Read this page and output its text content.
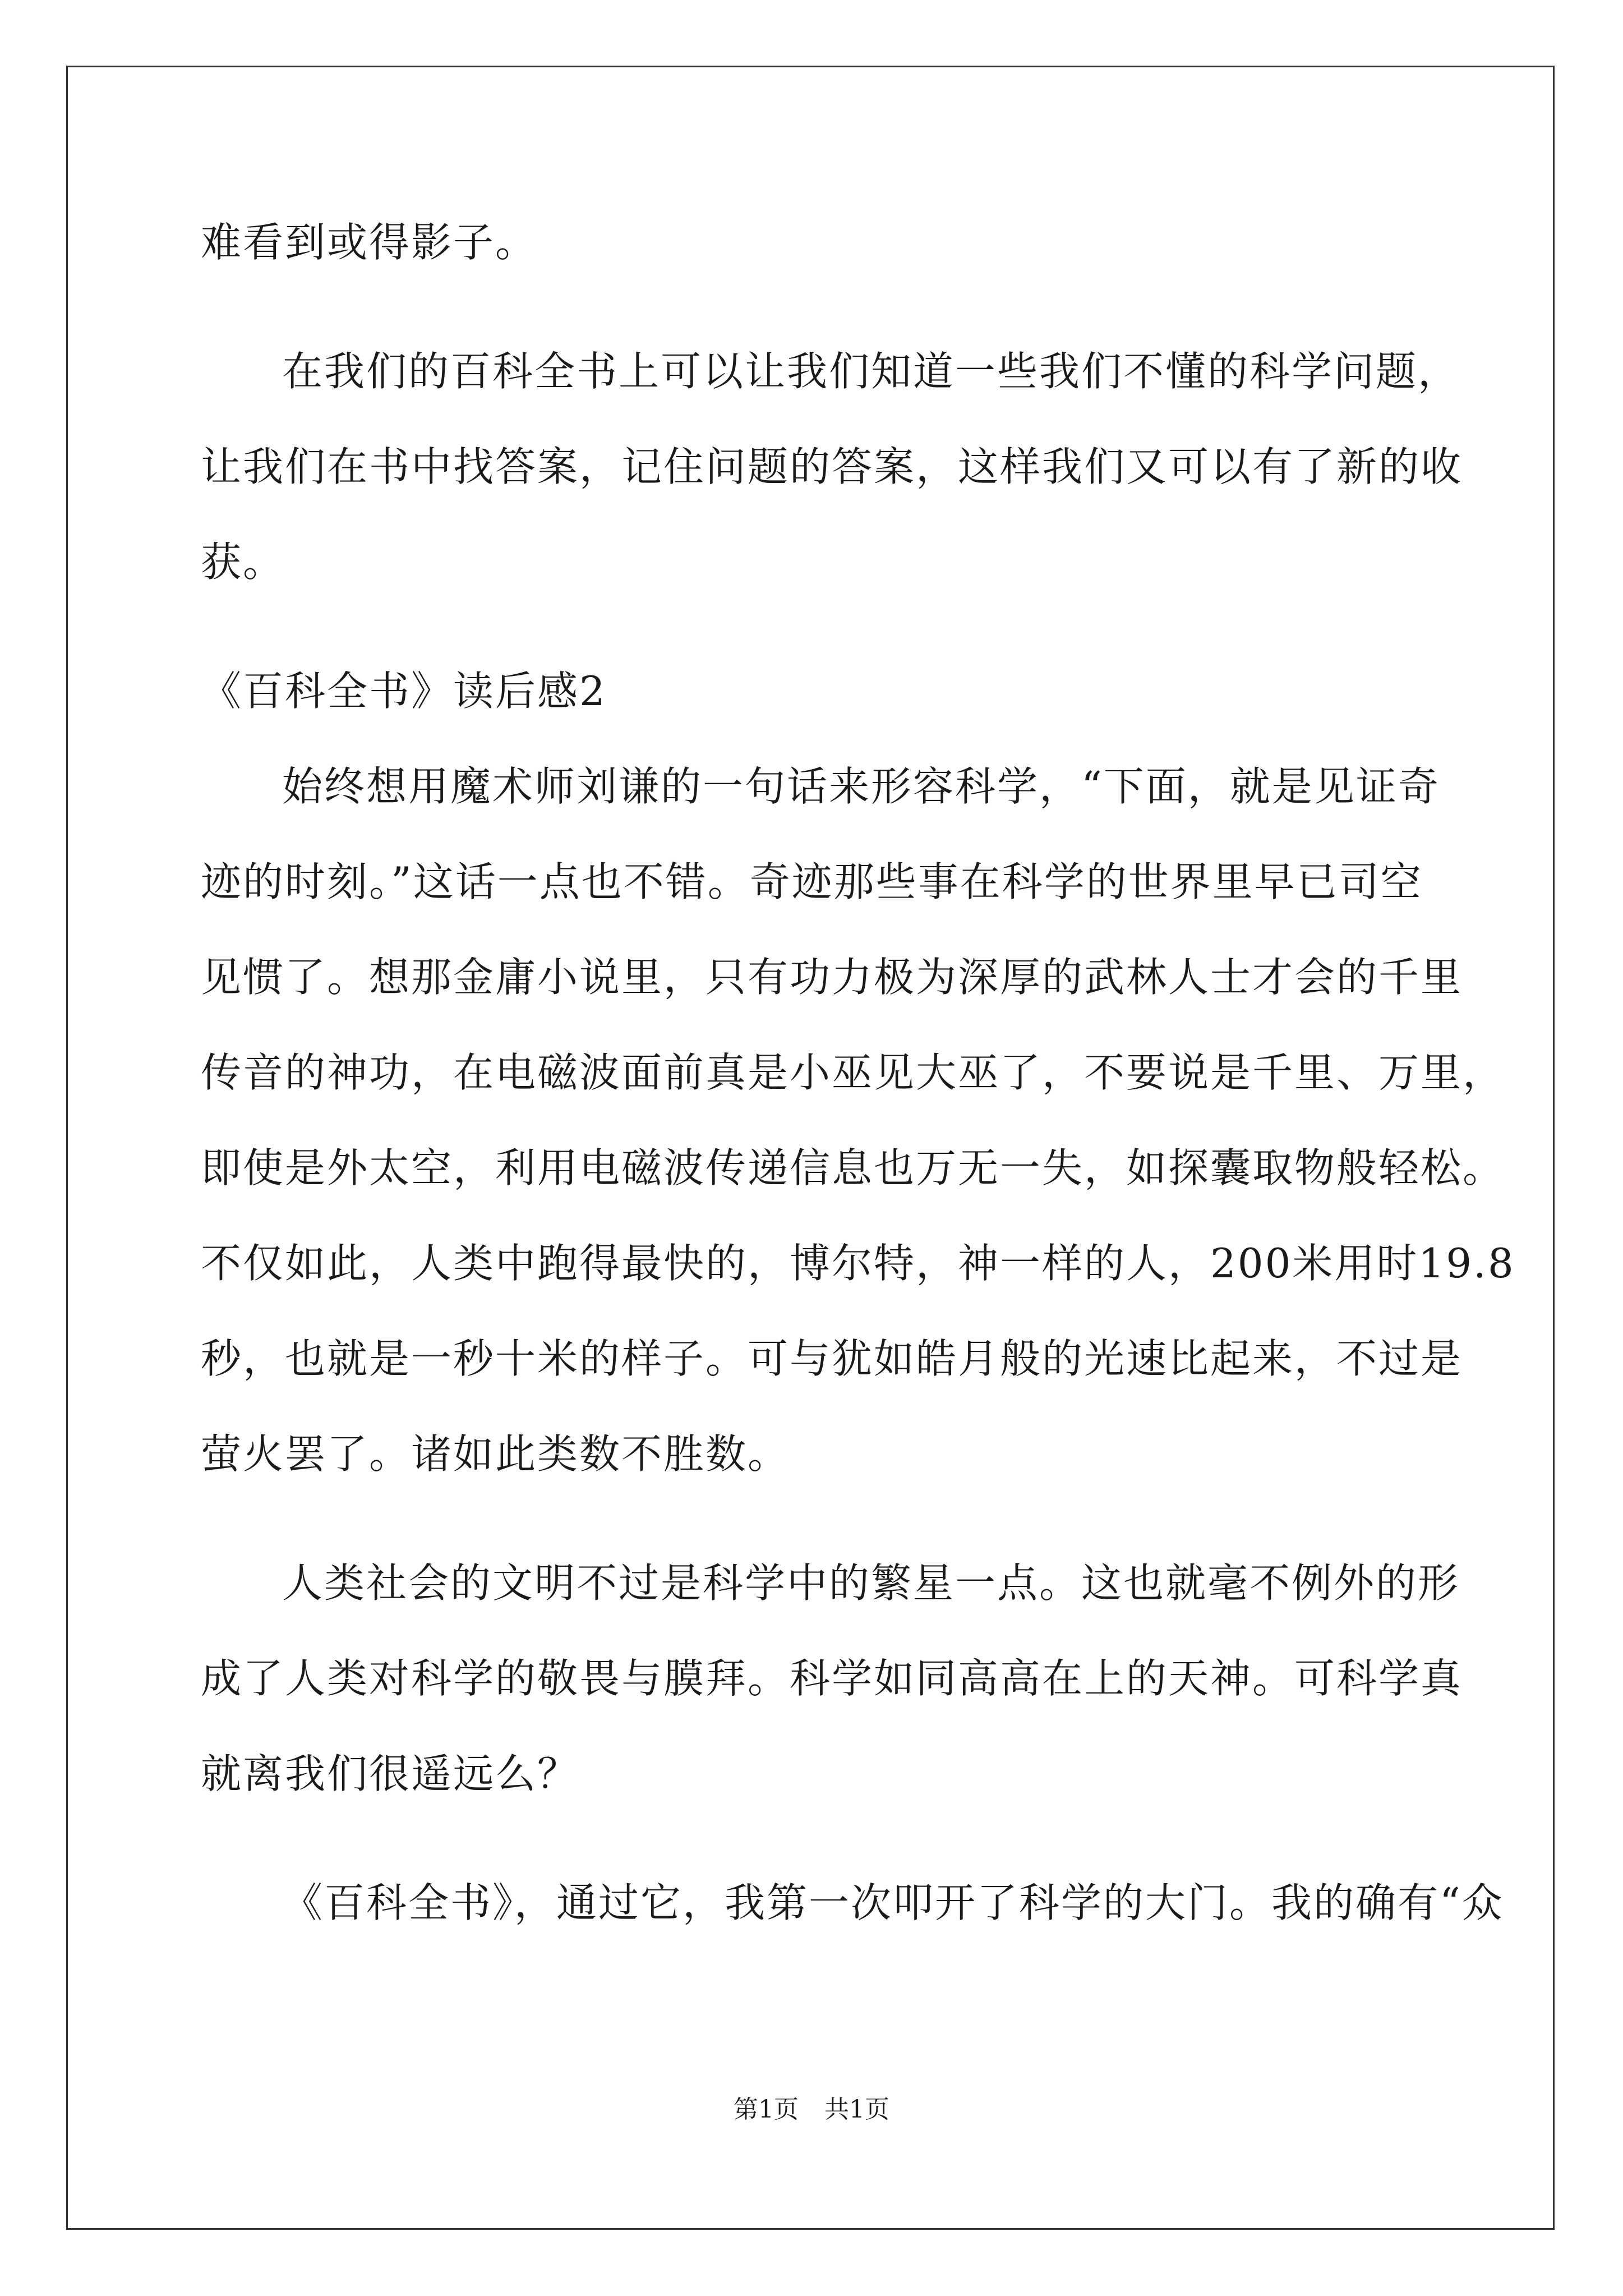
难看到或得影子。
在我们的百科全书上可以让我们知道一些我们不懂的科学问题，
让我们在书中找答案，记住问题的答案，这样我们又可以有了新的收
获。
《百科全书》读后感2
始终想用魔术师刘谦的一句话来形容科学，“下面，就是见证奇
迹的时刻。”这话一点也不错。奇迹那些事在科学的世界里早已司空
见惯了。想那金庸小说里，只有功力极为深厚的武林人士才会的千里
传音的神功，在电磁波面前真是小巫见大巫了，不要说是千里、万里，
即使是外太空，利用电磁波传递信息也万无一失，如探囊取物般轻松。
不仅如此，人类中跑得最快的，博尔特，神一样的人，200米用时19.8
秒，也就是一秒十米的样子。可与犹如皓月般的光速比起来，不过是
萤火罢了。诸如此类数不胜数。
人类社会的文明不过是科学中的繁星一点。这也就毫不例外的形
成了人类对科学的敬畏与膜拜。科学如同高高在上的天神。可科学真
就离我们很遥远么？
《百科全书》，通过它，我第一次叩开了科学的大门。我的确有“众
第1页 共1页
